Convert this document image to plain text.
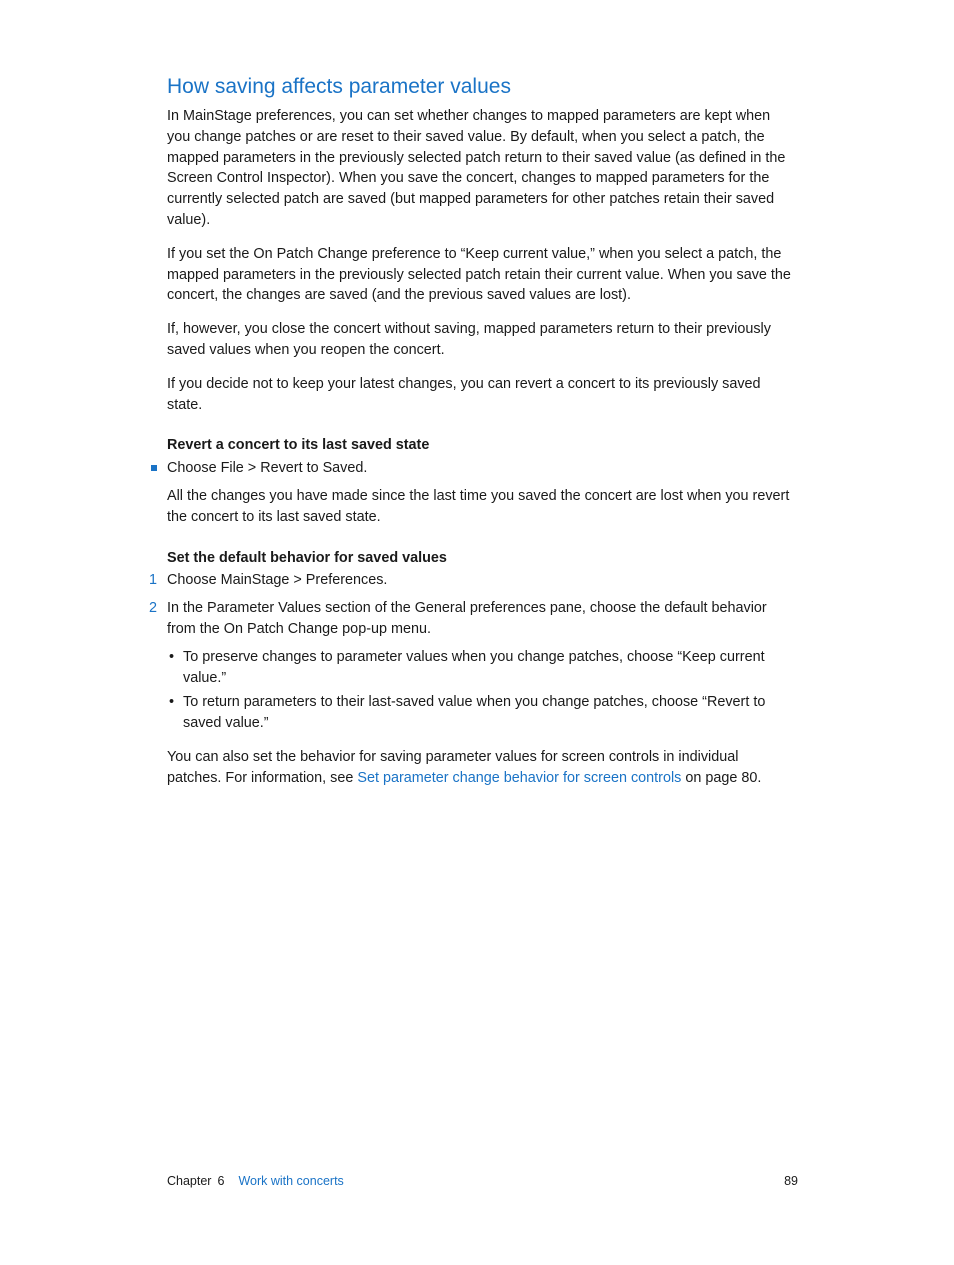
How saving affects parameter values

In MainStage preferences, you can set whether changes to mapped parameters are kept when you change patches or are reset to their saved value. By default, when you select a patch, the mapped parameters in the previously selected patch return to their saved value (as defined in the Screen Control Inspector). When you save the concert, changes to mapped parameters for the currently selected patch are saved (but mapped parameters for other patches retain their saved value).

If you set the On Patch Change preference to “Keep current value,” when you select a patch, the mapped parameters in the previously selected patch retain their current value. When you save the concert, the changes are saved (and the previous saved values are lost).

If, however, you close the concert without saving, mapped parameters return to their previously saved values when you reopen the concert.

If you decide not to keep your latest changes, you can revert a concert to its previously saved state.

Revert a concert to its last saved state
Choose File > Revert to Saved.

All the changes you have made since the last time you saved the concert are lost when you revert the concert to its last saved state.

Set the default behavior for saved values
1 Choose MainStage > Preferences.
2 In the Parameter Values section of the General preferences pane, choose the default behavior from the On Patch Change pop-up menu.
• To preserve changes to parameter values when you change patches, choose “Keep current value.”
• To return parameters to their last-saved value when you change patches, choose “Revert to saved value.”

You can also set the behavior for saving parameter values for screen controls in individual patches. For information, see Set parameter change behavior for screen controls on page 80.

Chapter 6 Work with concerts	89
